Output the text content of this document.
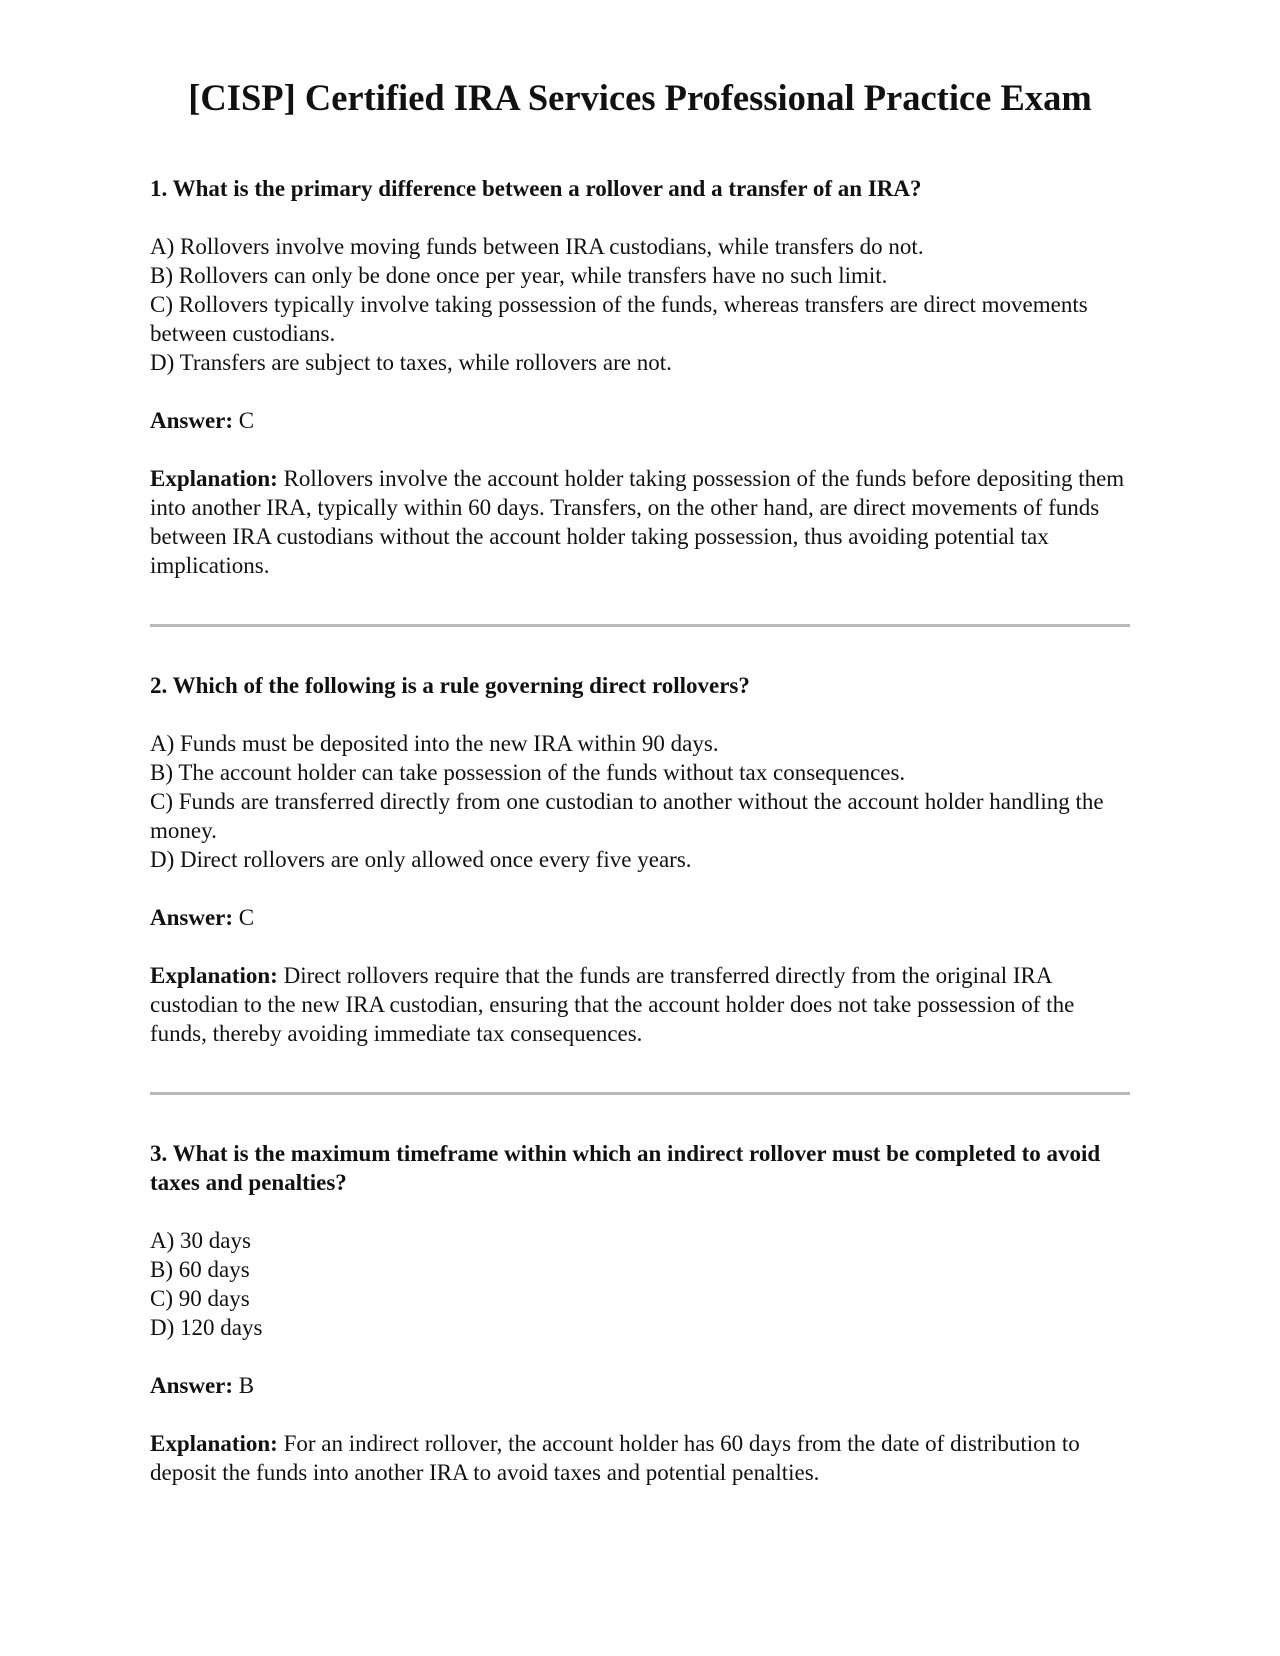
[CISP] Certified IRA Services Professional Practice Exam

1. What is the primary difference between a rollover and a transfer of an IRA?

A) Rollovers involve moving funds between IRA custodians, while transfers do not.
B) Rollovers can only be done once per year, while transfers have no such limit.
C) Rollovers typically involve taking possession of the funds, whereas transfers are direct movements between custodians.
D) Transfers are subject to taxes, while rollovers are not.

Answer: C

Explanation: Rollovers involve the account holder taking possession of the funds before depositing them into another IRA, typically within 60 days. Transfers, on the other hand, are direct movements of funds between IRA custodians without the account holder taking possession, thus avoiding potential tax implications.

2. Which of the following is a rule governing direct rollovers?

A) Funds must be deposited into the new IRA within 90 days.
B) The account holder can take possession of the funds without tax consequences.
C) Funds are transferred directly from one custodian to another without the account holder handling the money.
D) Direct rollovers are only allowed once every five years.

Answer: C

Explanation: Direct rollovers require that the funds are transferred directly from the original IRA custodian to the new IRA custodian, ensuring that the account holder does not take possession of the funds, thereby avoiding immediate tax consequences.

3. What is the maximum timeframe within which an indirect rollover must be completed to avoid taxes and penalties?

A) 30 days
B) 60 days
C) 90 days
D) 120 days

Answer: B

Explanation: For an indirect rollover, the account holder has 60 days from the date of distribution to deposit the funds into another IRA to avoid taxes and potential penalties.
